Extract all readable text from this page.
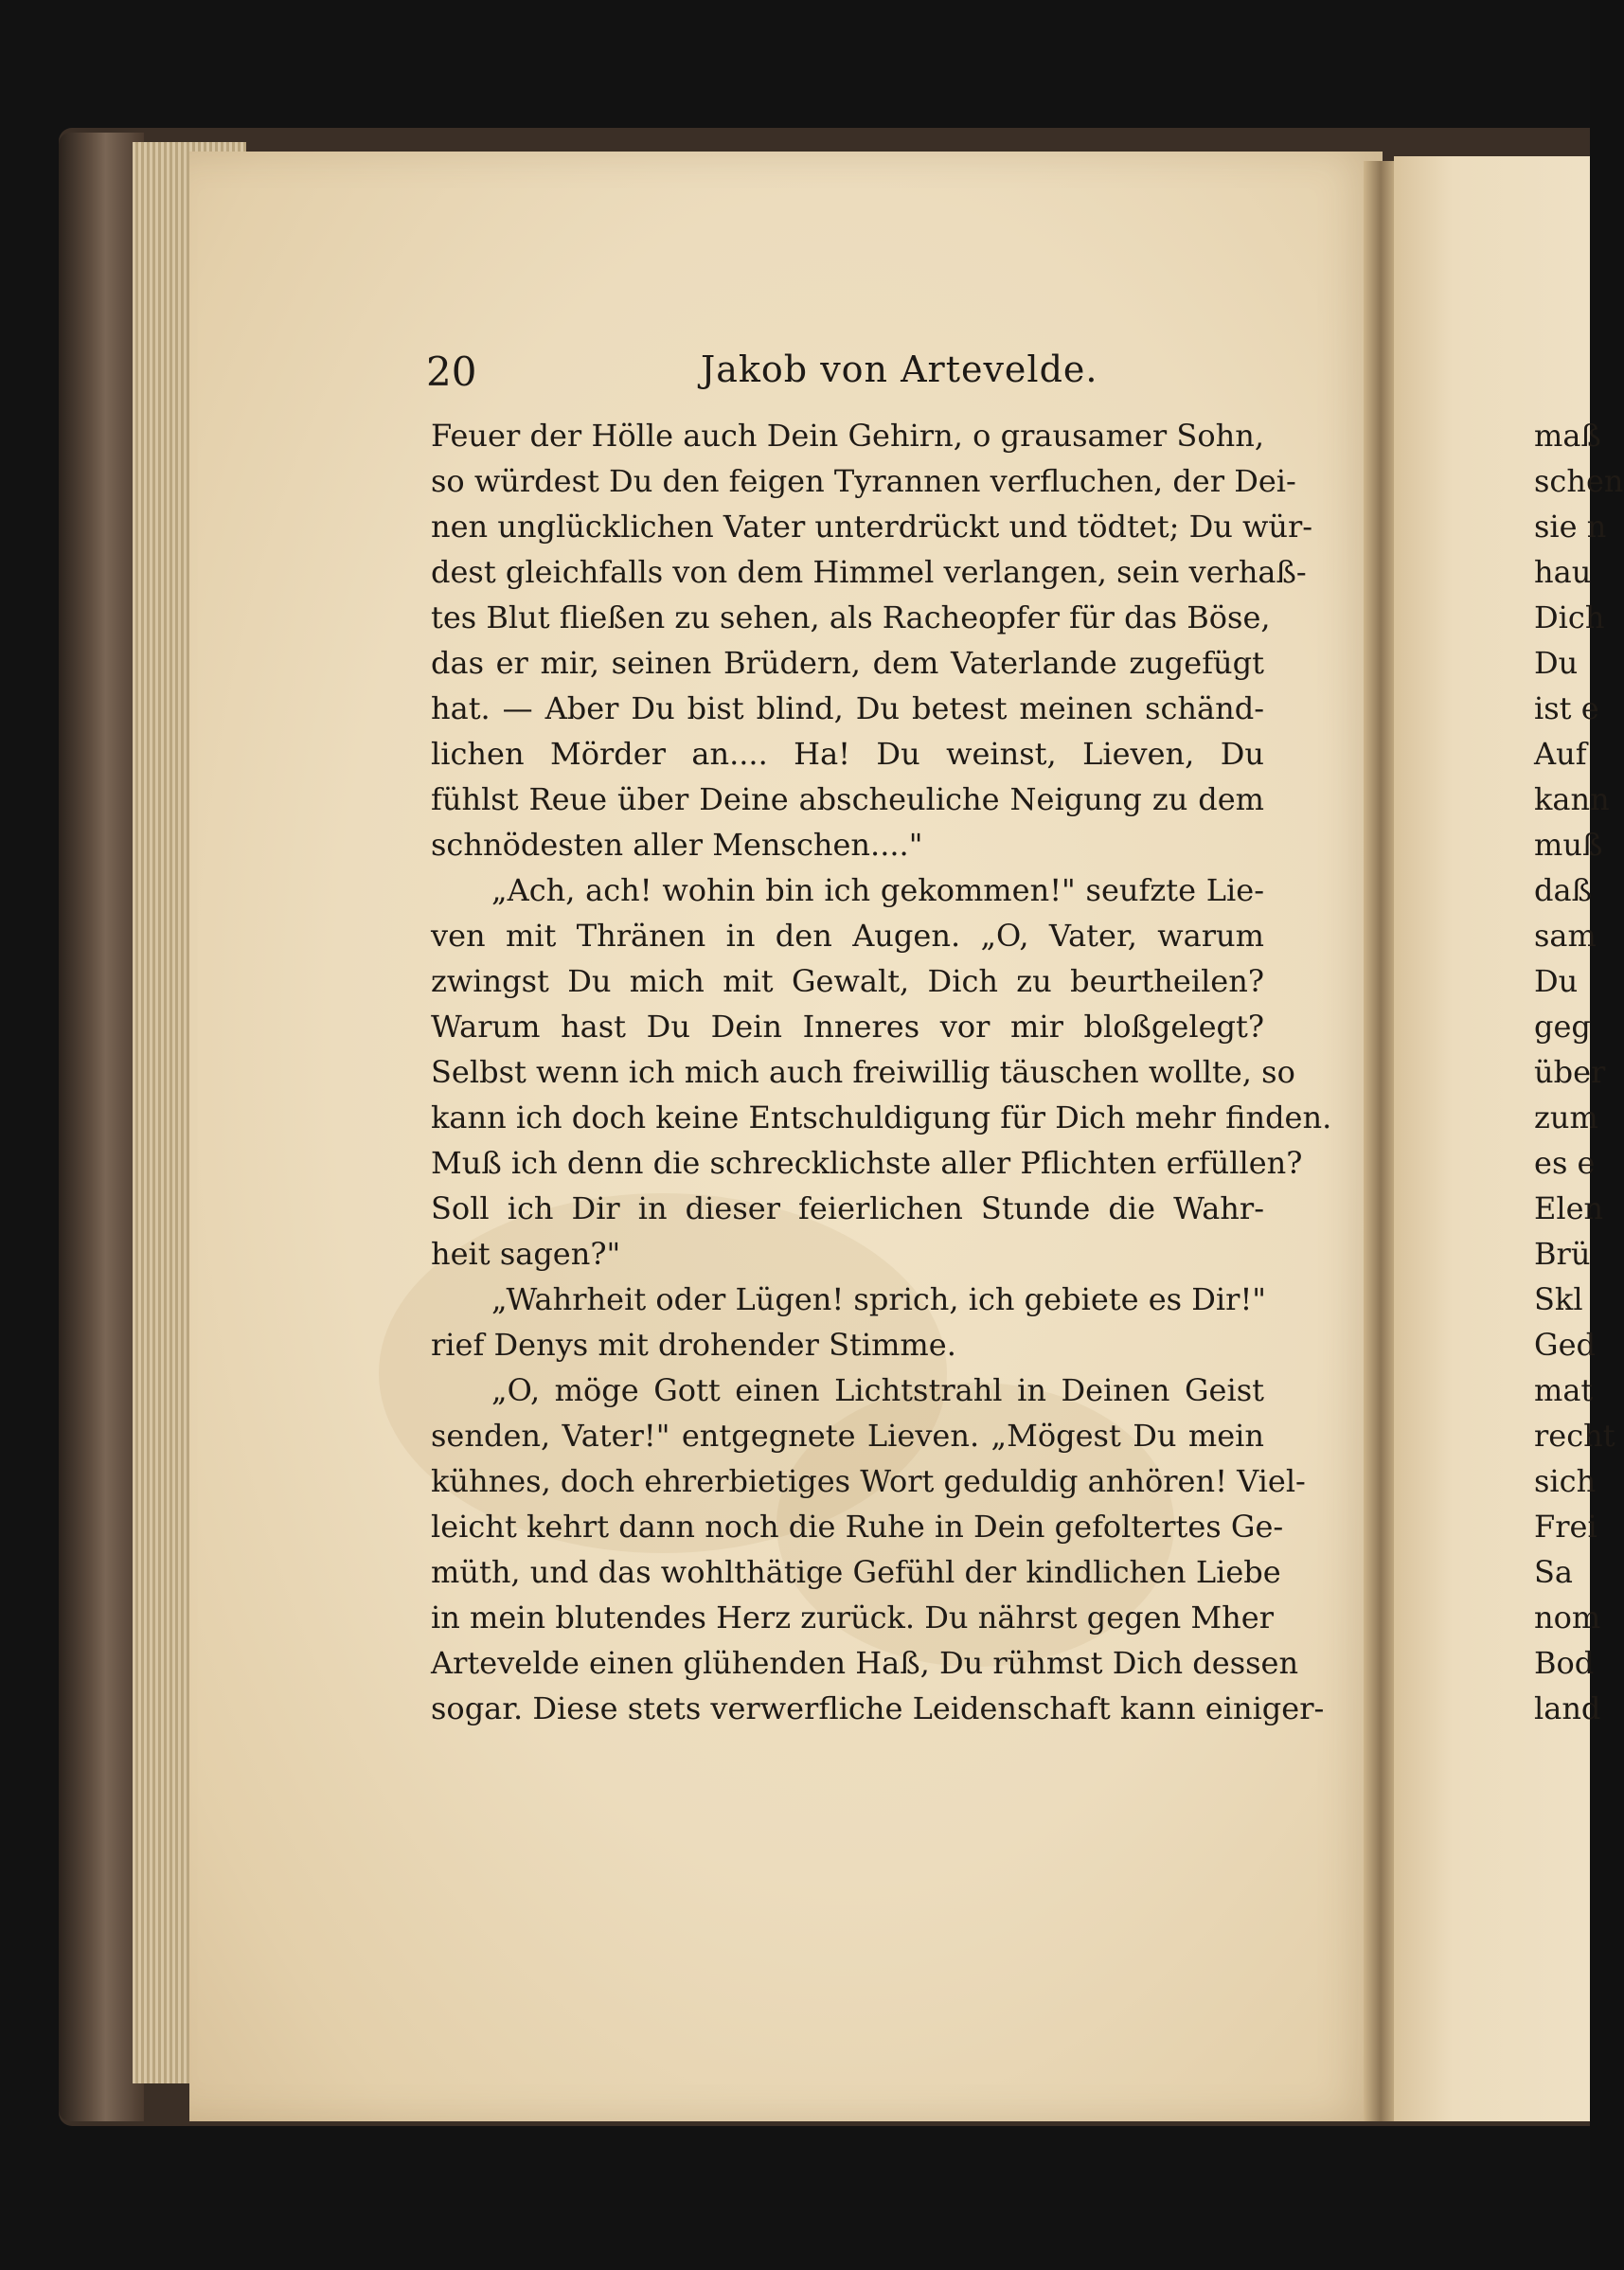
20	Jakob von Artevelde.
Feuer der Hölle auch Dein Gehirn, o grausamer Sohn,
so würdest Du den feigen Tyrannen verfluchen, der Dei-
nen unglücklichen Vater unterdrückt und tödtet; Du wür-
dest gleichfalls von dem Himmel verlangen, sein verhaß-
tes Blut fließen zu sehen, als Racheopfer für das Böse,
das er mir, seinen Brüdern, dem Vaterlande zugefügt
hat. — Aber Du bist blind, Du betest meinen schänd-
lichen Mörder an.... Ha! Du weinst, Lieven, Du
fühlst Reue über Deine abscheuliche Neigung zu dem
schnödesten aller Menschen...."
„Ach, ach! wohin bin ich gekommen!" seufzte Lie-
ven mit Thränen in den Augen. „O, Vater, warum
zwingst Du mich mit Gewalt, Dich zu beurtheilen?
Warum hast Du Dein Inneres vor mir bloßgelegt?
Selbst wenn ich mich auch freiwillig täuschen wollte, so
kann ich doch keine Entschuldigung für Dich mehr finden.
Muß ich denn die schrecklichste aller Pflichten erfüllen?
Soll ich Dir in dieser feierlichen Stunde die Wahr-
heit sagen?"
„Wahrheit oder Lügen! sprich, ich gebiete es Dir!"
rief Denys mit drohender Stimme.
„O, möge Gott einen Lichtstrahl in Deinen Geist
senden, Vater!" entgegnete Lieven. „Mögest Du mein
kühnes, doch ehrerbietiges Wort geduldig anhören! Viel-
leicht kehrt dann noch die Ruhe in Dein gefoltertes Ge-
müth, und das wohlthätige Gefühl der kindlichen Liebe
in mein blutendes Herz zurück. Du nährst gegen Mher
Artevelde einen glühenden Haß, Du rühmst Dich dessen
sogar. Diese stets verwerfliche Leidenschaft kann einiger-
maß
schen
sie n
hau
Dich
Du
ist e
Auf
kann
muß
daß
sam
Du
geg
über
zum
es e
Elen
Brü
Skl
Ged
mat
recht
sich
Frei
Sa
nom
Bod
land
